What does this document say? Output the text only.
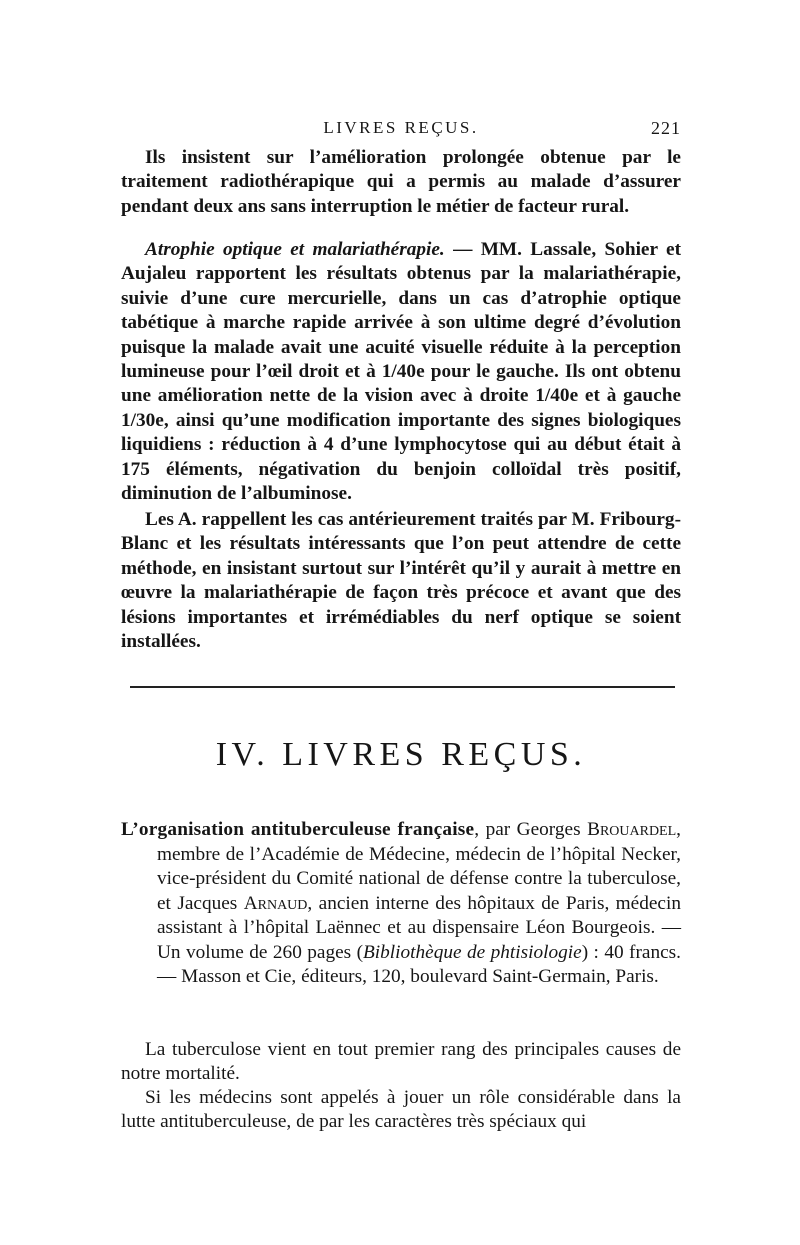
LIVRES REÇUS.	221

Ils insistent sur l’amélioration prolongée obtenue par le traitement radiothérapique qui a permis au malade d’assurer pendant deux ans sans interruption le métier de facteur rural.

Atrophie optique et malariathérapie. — MM. Lassale, Sohier et Aujaleu rapportent les résultats obtenus par la malariathérapie, suivie d’une cure mercurielle, dans un cas d’atrophie optique tabétique à marche rapide arrivée à son ultime degré d’évolution puisque la malade avait une acuité visuelle réduite à la perception lumineuse pour l’œil droit et à 1/40e pour le gauche. Ils ont obtenu une amélioration nette de la vision avec à droite 1/40e et à gauche 1/30e, ainsi qu’une modification importante des signes biologiques liquidiens : réduction à 4 d’une lymphocytose qui au début était à 175 éléments, négativation du benjoin colloïdal très positif, diminution de l’albuminose.

Les A. rappellent les cas antérieurement traités par M. Fribourg-Blanc et les résultats intéressants que l’on peut attendre de cette méthode, en insistant surtout sur l’intérêt qu’il y aurait à mettre en œuvre la malariathérapie de façon très précoce et avant que des lésions importantes et irrémédiables du nerf optique se soient installées.

IV. LIVRES REÇUS.

L’organisation antituberculeuse française, par Georges Brouardel, membre de l’Académie de Médecine, médecin de l’hôpital Necker, vice-président du Comité national de défense contre la tuberculose, et Jacques Arnaud, ancien interne des hôpitaux de Paris, médecin assistant à l’hôpital Laënnec et au dispensaire Léon Bourgeois. — Un volume de 260 pages (Bibliothèque de phtisiologie) : 40 francs. — Masson et Cie, éditeurs, 120, boulevard Saint-Germain, Paris.

La tuberculose vient en tout premier rang des principales causes de notre mortalité.

Si les médecins sont appelés à jouer un rôle considérable dans la lutte antituberculeuse, de par les caractères très spéciaux qui
